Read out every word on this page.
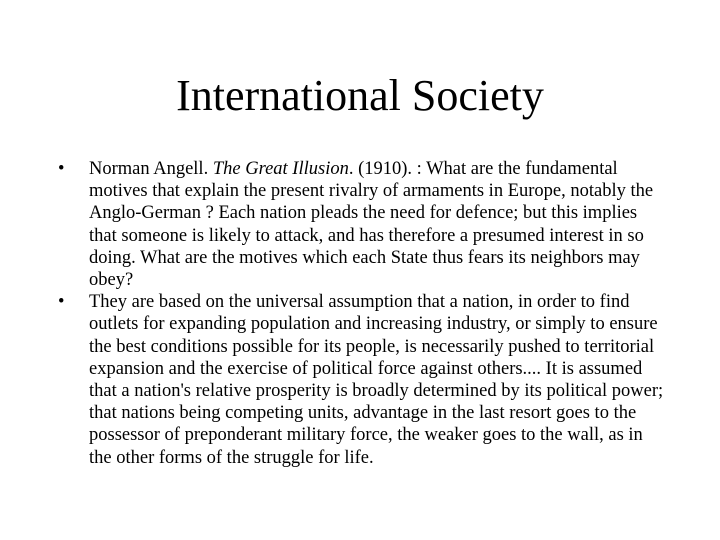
International Society
• Norman Angell. The Great Illusion. (1910). : What are the fundamental motives that explain the present rivalry of armaments in Europe, notably the Anglo-German ? Each nation pleads the need for defence; but this implies that someone is likely to attack, and has therefore a presumed interest in so doing. What are the motives which each State thus fears its neighbors may obey?
• They are based on the universal assumption that a nation, in order to find outlets for expanding population and increasing industry, or simply to ensure the best conditions possible for its people, is necessarily pushed to territorial expansion and the exercise of political force against others.... It is assumed that a nation's relative prosperity is broadly determined by its political power; that nations being competing units, advantage in the last resort goes to the possessor of preponderant military force, the weaker goes to the wall, as in the other forms of the struggle for life.
